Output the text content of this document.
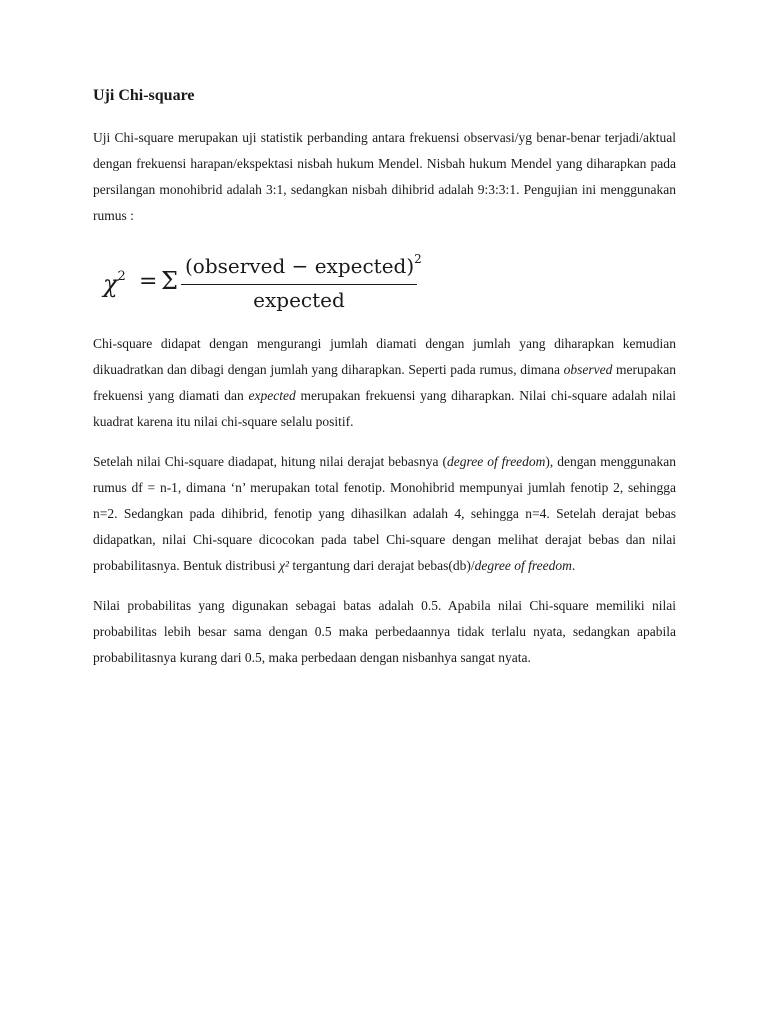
Uji Chi-square

Uji Chi-square merupakan uji statistik perbanding antara frekuensi observasi/yg benar-benar terjadi/aktual dengan frekuensi harapan/ekspektasi nisbah hukum Mendel. Nisbah hukum Mendel yang diharapkan pada persilangan monohibrid adalah 3:1, sedangkan nisbah dihibrid adalah 9:3:3:1. Pengujian ini menggunakan rumus :

$\chi^2 = \Sigma$
(observed − expected)$^2$
expected

Chi-square didapat dengan mengurangi jumlah diamati dengan jumlah yang diharapkan kemudian dikuadratkan dan dibagi dengan jumlah yang diharapkan. Seperti pada rumus, dimana observed merupakan frekuensi yang diamati dan expected merupakan frekuensi yang diharapkan. Nilai chi-square adalah nilai kuadrat karena itu nilai chi-square selalu positif.

Setelah nilai Chi-square diadapat, hitung nilai derajat bebasnya (degree of freedom), dengan menggunakan rumus df = n-1, dimana ‘n’ merupakan total fenotip. Monohibrid mempunyai jumlah fenotip 2, sehingga n=2. Sedangkan pada dihibrid, fenotip yang dihasilkan adalah 4, sehingga n=4. Setelah derajat bebas didapatkan, nilai Chi-square dicocokan pada tabel Chi-square dengan melihat derajat bebas dan nilai probabilitasnya. Bentuk distribusi χ² tergantung dari derajat bebas(db)/degree of freedom.

Nilai probabilitas yang digunakan sebagai batas adalah 0.5. Apabila nilai Chi-square memiliki nilai probabilitas lebih besar sama dengan 0.5 maka perbedaannya tidak terlalu nyata, sedangkan apabila probabilitasnya kurang dari 0.5, maka perbedaan dengan nisbanhya sangat nyata.
